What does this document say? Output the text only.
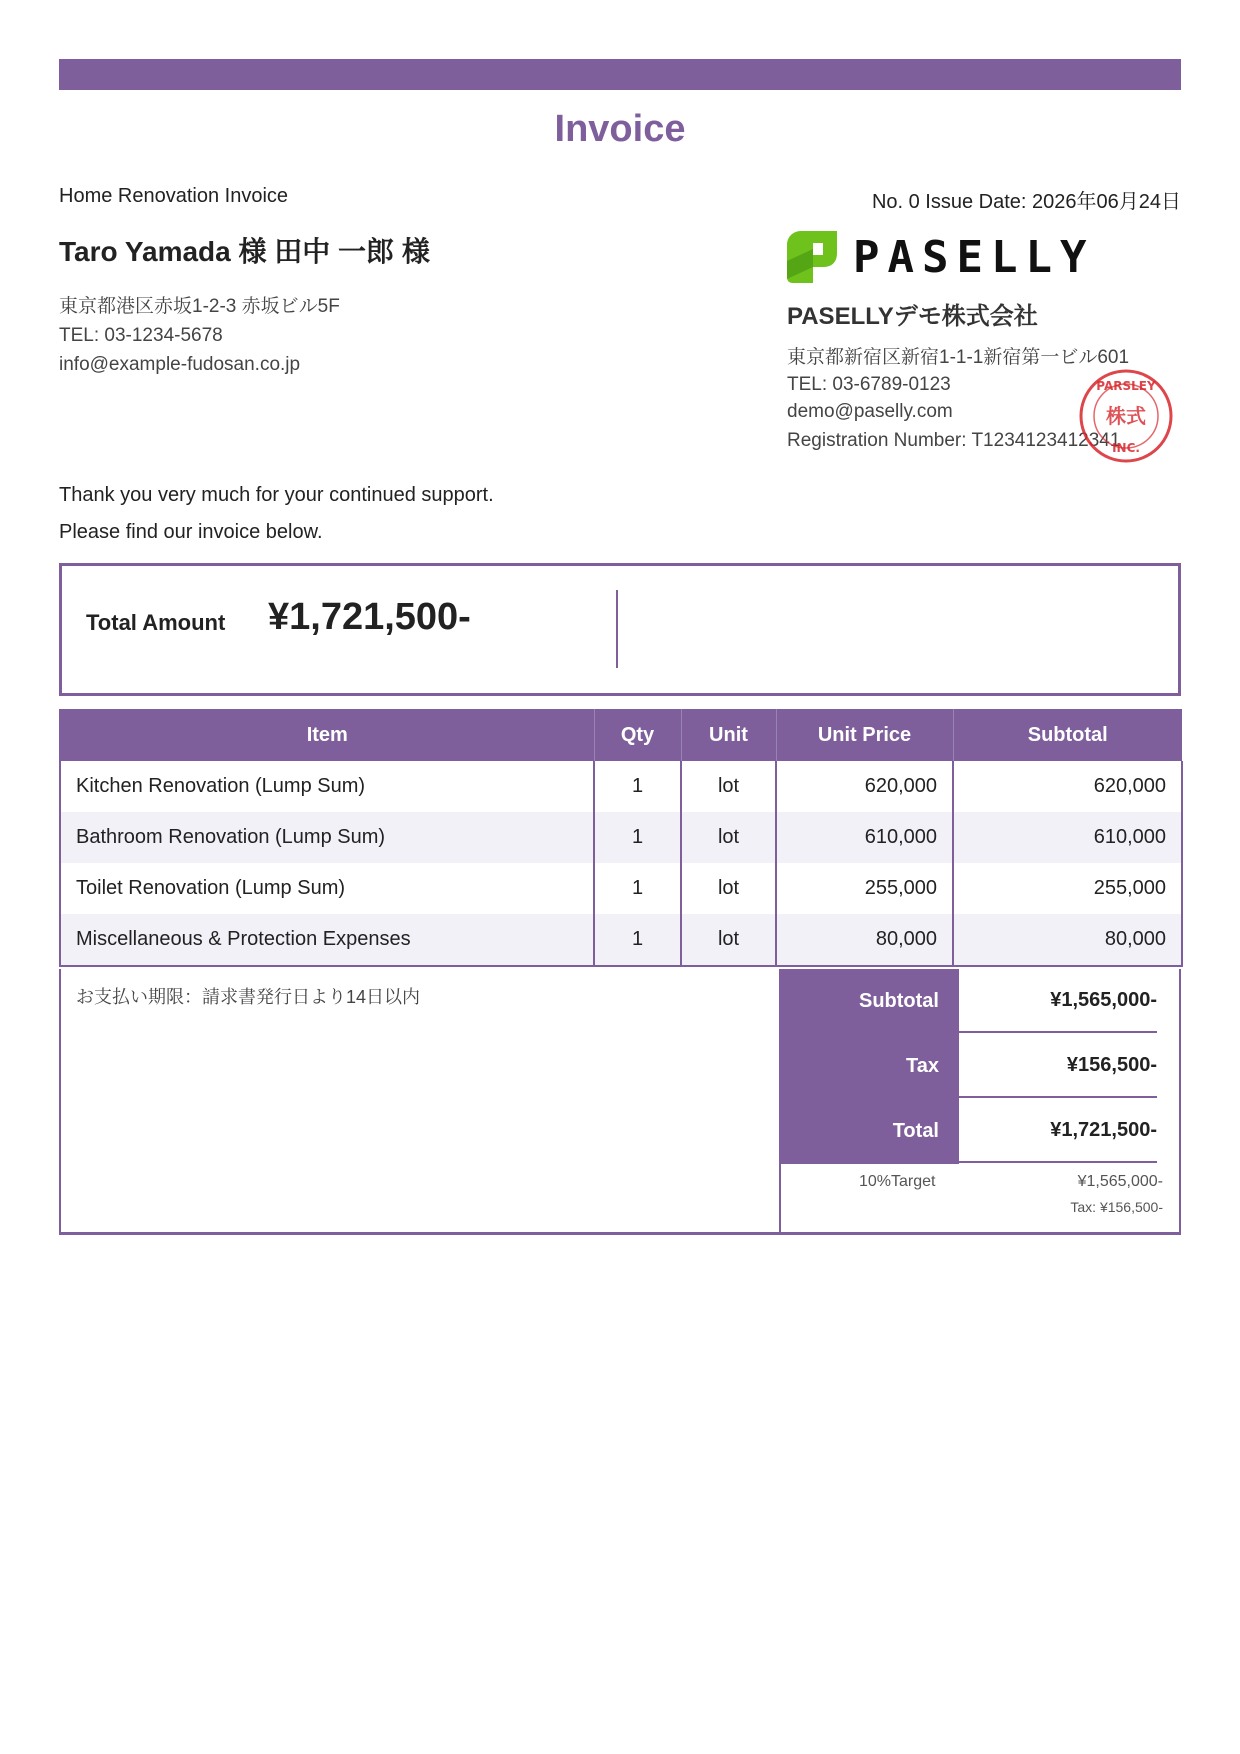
Invoice
Home Renovation Invoice	No. 0 Issue Date: 2026年06月24日
Taro Yamada 様 田中 一郎 様
東京都港区赤坂1-2-3 赤坂ビル5F
TEL: 03-1234-5678
info@example-fudosan.co.jp
PASELLY
PASELLYデモ株式会社
東京都新宿区新宿1-1-1新宿第一ビル601
TEL: 03-6789-0123
demo@paselly.com
Registration Number: T1234123412341
PARSLEY
株式
INC.
Thank you very much for your continued support.
Please find our invoice below.
Total Amount ¥1,721,500-
Item	Qty	Unit	Unit Price	Subtotal
Kitchen Renovation (Lump Sum)	1	lot	620,000	620,000
Bathroom Renovation (Lump Sum)	1	lot	610,000	610,000
Toilet Renovation (Lump Sum)	1	lot	255,000	255,000
Miscellaneous & Protection Expenses	1	lot	80,000	80,000
お支払い期限：請求書発行日より14日以内	Subtotal	¥1,565,000-
Tax	¥156,500-
Total	¥1,721,500-
10%Target	¥1,565,000-
Tax: ¥156,500-
